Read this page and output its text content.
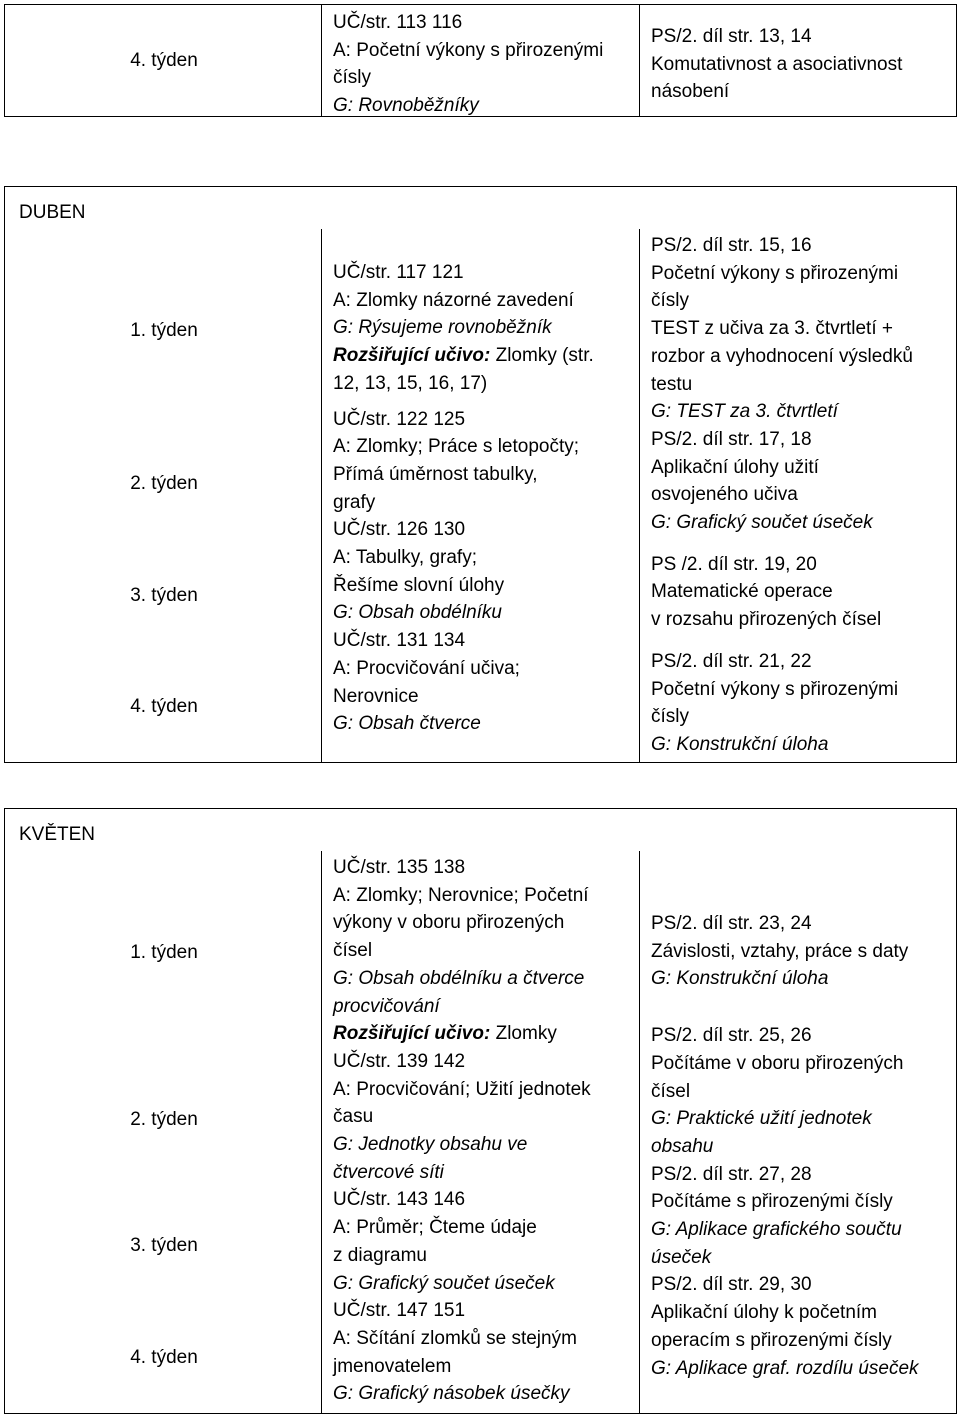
4. týden
UČ/str. 113 116
A: Početní výkony s přirozenými
čísly
G: Rovnoběžníky
PS/2. díl str. 13, 14
Komutativnost a asociativnost
násobení
DUBEN
1. týden
2. týden
3. týden
4. týden
UČ/str. 117 121
A: Zlomky názorné zavedení
G: Rýsujeme rovnoběžník
Rozšiřující učivo: Zlomky (str.
12, 13, 15, 16, 17)
UČ/str. 122 125
A: Zlomky; Práce s letopočty;
Přímá úměrnost tabulky,
grafy
UČ/str. 126 130
A: Tabulky, grafy;
Řešíme slovní úlohy
G: Obsah obdélníku
UČ/str. 131 134
A: Procvičování učiva;
Nerovnice
G: Obsah čtverce
PS/2. díl str. 15, 16
Početní výkony s přirozenými
čísly
TEST z učiva za 3. čtvrtletí +
rozbor a vyhodnocení výsledků
testu
G: TEST za 3. čtvrtletí
PS/2. díl str. 17, 18
Aplikační úlohy užití
osvojeného učiva
G: Grafický součet úseček
PS /2. díl str. 19, 20
Matematické operace
v rozsahu přirozených čísel
PS/2. díl str. 21, 22
Početní výkony s přirozenými
čísly
G: Konstrukční úloha
KVĚTEN
1. týden
2. týden
3. týden
4. týden
UČ/str. 135 138
A: Zlomky; Nerovnice; Početní
výkony v oboru přirozených
čísel
G: Obsah obdélníku a čtverce
procvičování
Rozšiřující učivo: Zlomky
UČ/str. 139 142
A: Procvičování; Užití jednotek
času
G: Jednotky obsahu ve
čtvercové síti
UČ/str. 143 146
A: Průměr; Čteme údaje
z diagramu
G: Grafický součet úseček
UČ/str. 147 151
A: Sčítání zlomků se stejným
jmenovatelem
G: Grafický násobek úsečky
PS/2. díl str. 23, 24
Závislosti, vztahy, práce s daty
G: Konstrukční úloha
PS/2. díl str. 25, 26
Počítáme v oboru přirozených
čísel
G: Praktické užití jednotek
obsahu
PS/2. díl str. 27, 28
Počítáme s přirozenými čísly
G: Aplikace grafického součtu
úseček
PS/2. díl str. 29, 30
Aplikační úlohy k početním
operacím s přirozenými čísly
G: Aplikace graf. rozdílu úseček
